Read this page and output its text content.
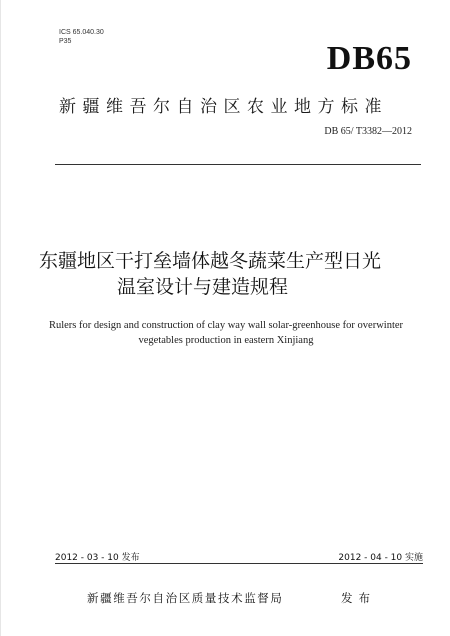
ICS 65.040.30
P35	DB65
新疆维吾尔自治区农业地方标准
DB 65/ T3382—2012
东疆地区干打垒墙体越冬蔬菜生产型日光
温室设计与建造规程
Rulers for design and construction of clay way wall solar-greenhouse for overwinter
vegetables production in eastern Xinjiang
2012 - 03 - 10 发布	2012 - 04 - 10 实施
新疆维吾尔自治区质量技术监督局	发布
